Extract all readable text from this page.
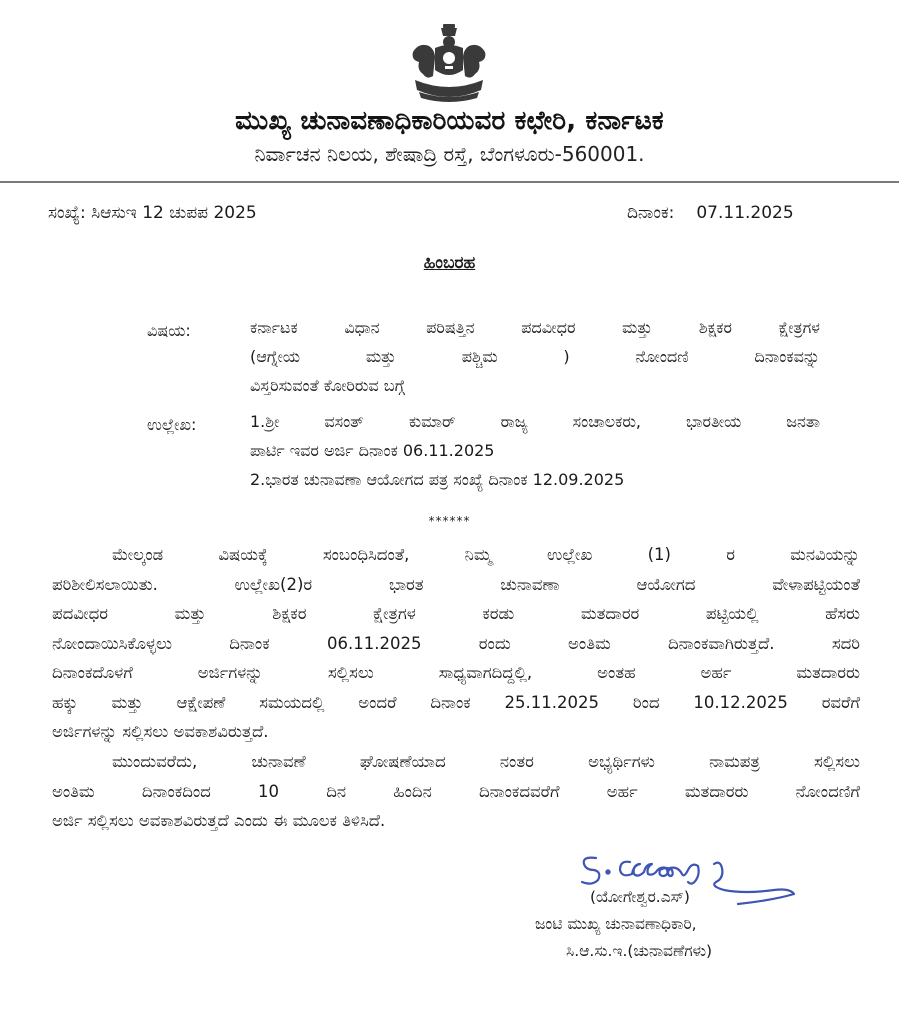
ಮುಖ್ಯ ಚುನಾವಣಾಧಿಕಾರಿಯವರ ಕಛೇರಿ, ಕರ್ನಾಟಕ
ನಿರ್ವಾಚನ ನಿಲಯ, ಶೇಷಾದ್ರಿ ರಸ್ತೆ, ಬೆಂಗಳೂರು-560001.
ಸಂಖ್ಯೆ: ಸಿಆಸುಇ 12 ಚುಪಪ 2025	ದಿನಾಂಕ: 07.11.2025
ಹಿಂಬರಹ
ವಿಷಯ:	ಕರ್ನಾಟಕ ವಿಧಾನ ಪರಿಷತ್ತಿನ ಪದವೀಧರ ಮತ್ತು ಶಿಕ್ಷಕರ ಕ್ಷೇತ್ರಗಳ
(ಆಗ್ನೇಯ ಮತ್ತು ಪಶ್ಚಿಮ ) ನೋಂದಣಿ ದಿನಾಂಕವನ್ನು
ವಿಸ್ತರಿಸುವಂತೆ ಕೋರಿರುವ ಬಗ್ಗೆ
ಉಲ್ಲೇಖ:	1.ಶ್ರೀ ವಸಂತ್ ಕುಮಾರ್ ರಾಜ್ಯ ಸಂಚಾಲಕರು, ಭಾರತೀಯ ಜನತಾ
ಪಾರ್ಟಿ ಇವರ ಅರ್ಜಿ ದಿನಾಂಕ 06.11.2025
2.ಭಾರತ ಚುನಾವಣಾ ಆಯೋಗದ ಪತ್ರ ಸಂಖ್ಯೆ ದಿನಾಂಕ 12.09.2025
******
ಮೇಲ್ಕಂಡ ವಿಷಯಕ್ಕೆ ಸಂಬಂಧಿಸಿದಂತೆ, ನಿಮ್ಮ ಉಲ್ಲೇಖ (1) ರ ಮನವಿಯನ್ನು
ಪರಿಶೀಲಿಸಲಾಯಿತು. ಉಲ್ಲೇಖ(2)ರ ಭಾರತ ಚುನಾವಣಾ ಆಯೋಗದ ವೇಳಾಪಟ್ಟಿಯಂತೆ
ಪದವೀಧರ ಮತ್ತು ಶಿಕ್ಷಕರ ಕ್ಷೇತ್ರಗಳ ಕರಡು ಮತದಾರರ ಪಟ್ಟಿಯಲ್ಲಿ ಹೆಸರು
ನೋಂದಾಯಿಸಿಕೊಳ್ಳಲು ದಿನಾಂಕ 06.11.2025 ರಂದು ಅಂತಿಮ ದಿನಾಂಕವಾಗಿರುತ್ತದೆ. ಸದರಿ
ದಿನಾಂಕದೊಳಗೆ ಅರ್ಜಿಗಳನ್ನು ಸಲ್ಲಿಸಲು ಸಾಧ್ಯವಾಗದಿದ್ದಲ್ಲಿ, ಅಂತಹ ಅರ್ಹ ಮತದಾರರು
ಹಕ್ಕು ಮತ್ತು ಆಕ್ಷೇಪಣೆ ಸಮಯದಲ್ಲಿ ಅಂದರೆ ದಿನಾಂಕ 25.11.2025 ರಿಂದ 10.12.2025 ರವರೆಗೆ
ಅರ್ಜಿಗಳನ್ನು ಸಲ್ಲಿಸಲು ಅವಕಾಶವಿರುತ್ತದೆ.
ಮುಂದುವರೆದು, ಚುನಾವಣೆ ಘೋಷಣೆಯಾದ ನಂತರ ಅಭ್ಯರ್ಥಿಗಳು ನಾಮಪತ್ರ ಸಲ್ಲಿಸಲು
ಅಂತಿಮ ದಿನಾಂಕದಿಂದ 10 ದಿನ ಹಿಂದಿನ ದಿನಾಂಕದವರೆಗೆ ಅರ್ಹ ಮತದಾರರು ನೋಂದಣಿಗೆ
ಅರ್ಜಿ ಸಲ್ಲಿಸಲು ಅವಕಾಶವಿರುತ್ತದೆ ಎಂದು ಈ ಮೂಲಕ ತಿಳಿಸಿದೆ.
(ಯೋಗೇಶ್ವರ.ಎಸ್)
ಜಂಟಿ ಮುಖ್ಯ ಚುನಾವಣಾಧಿಕಾರಿ,
ಸಿ.ಆ.ಸು.ಇ.(ಚುನಾವಣೆಗಳು)
